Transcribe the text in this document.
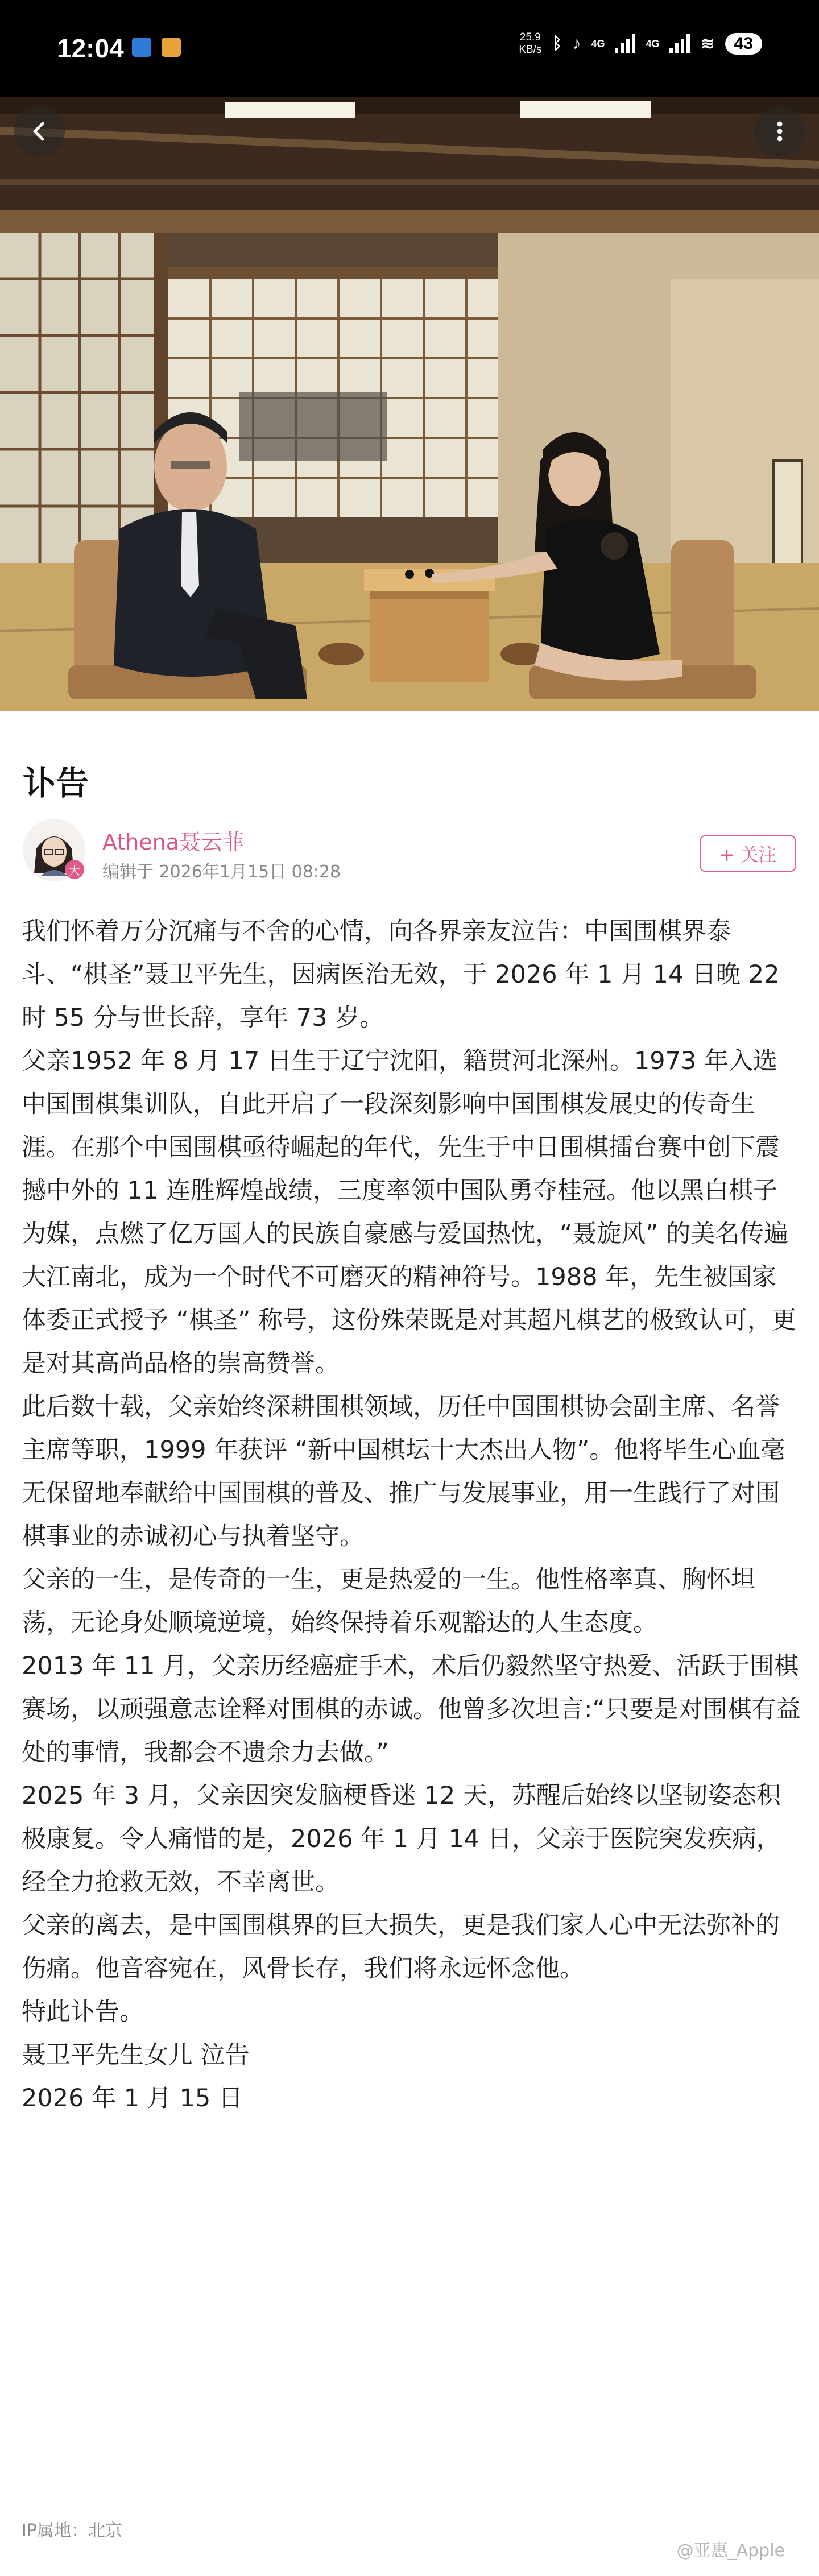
12:04	25.9
KB/s ᛒ ♪ 4G	4G ≋	43
讣告
大
Athena聂云菲
编辑于 2026年1月15日 08:28
+ 关注

我们怀着万分沉痛与不舍的心情，向各界亲友泣告：中国围棋界泰斗、“棋圣”聂卫平先生，因病医治无效，于 2026 年 1 月 14 日晚 22 时 55 分与世长辞，享年 73 岁。

父亲1952 年 8 月 17 日生于辽宁沈阳，籍贯河北深州。1973 年入选中国围棋集训队，自此开启了一段深刻影响中国围棋发展史的传奇生涯。在那个中国围棋亟待崛起的年代，先生于中日围棋擂台赛中创下震撼中外的 11 连胜辉煌战绩，三度率领中国队勇夺桂冠。他以黑白棋子为媒，点燃了亿万国人的民族自豪感与爱国热忱，“聂旋风” 的美名传遍大江南北，成为一个时代不可磨灭的精神符号。1988 年，先生被国家体委正式授予 “棋圣” 称号，这份殊荣既是对其超凡棋艺的极致认可，更是对其高尚品格的崇高赞誉。

此后数十载，父亲始终深耕围棋领域，历任中国围棋协会副主席、名誉主席等职，1999 年获评 “新中国棋坛十大杰出人物”。他将毕生心血毫无保留地奉献给中国围棋的普及、推广与发展事业，用一生践行了对围棋事业的赤诚初心与执着坚守。

父亲的一生，是传奇的一生，更是热爱的一生。他性格率真、胸怀坦荡，无论身处顺境逆境，始终保持着乐观豁达的人生态度。

2013 年 11 月，父亲历经癌症手术，术后仍毅然坚守热爱、活跃于围棋赛场，以顽强意志诠释对围棋的赤诚。他曾多次坦言:“只要是对围棋有益处的事情，我都会不遗余力去做。”

2025 年 3 月，父亲因突发脑梗昏迷 12 天，苏醒后始终以坚韧姿态积极康复。令人痛惜的是，2026 年 1 月 14 日，父亲于医院突发疾病，经全力抢救无效，不幸离世。

父亲的离去，是中国围棋界的巨大损失，更是我们家人心中无法弥补的伤痛。他音容宛在，风骨长存，我们将永远怀念他。

特此讣告。

聂卫平先生女儿 泣告

2026 年 1 月 15 日

IP属地：北京
@亚惠_Apple
